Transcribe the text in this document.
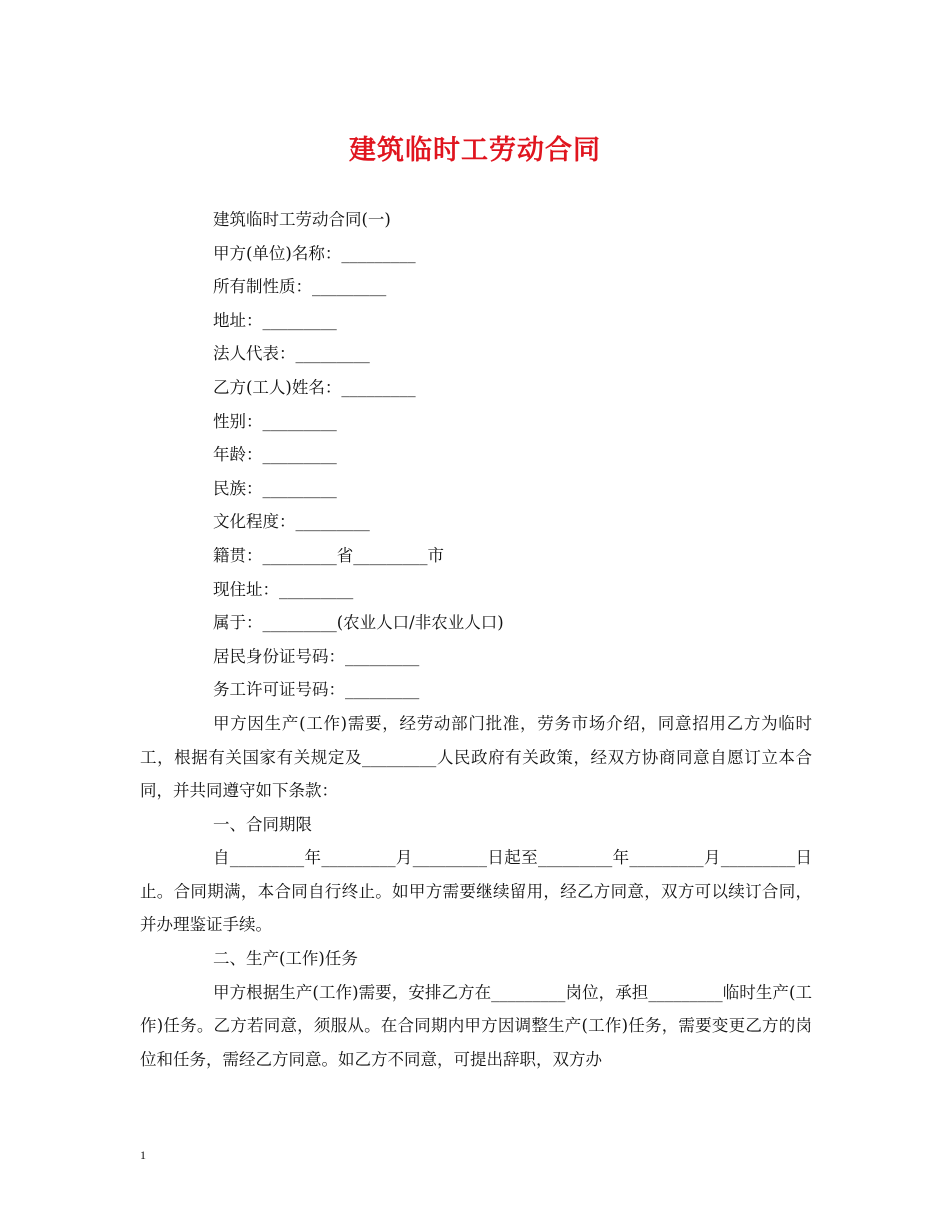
建筑临时工劳动合同

建筑临时工劳动合同(一)

甲方(单位)名称：_________

所有制性质：_________

地址：_________

法人代表：_________

乙方(工人)姓名：_________

性别：_________

年龄：_________

民族：_________

文化程度：_________

籍贯：_________省_________市

现住址：_________

属于：_________(农业人口/非农业人口)

居民身份证号码：_________

务工许可证号码：_________

甲方因生产(工作)需要，经劳动部门批准，劳务市场介绍，同意招用乙方为临时工，根据有关国家有关规定及_________人民政府有关政策，经双方协商同意自愿订立本合同，并共同遵守如下条款：

一、合同期限

自_________年_________月_________日起至_________年_________月_________日止。合同期满，本合同自行终止。如甲方需要继续留用，经乙方同意，双方可以续订合同，并办理鉴证手续。

二、生产(工作)任务

甲方根据生产(工作)需要，安排乙方在_________岗位，承担_________临时生产(工作)任务。乙方若同意，须服从。在合同期内甲方因调整生产(工作)任务，需要变更乙方的岗位和任务，需经乙方同意。如乙方不同意，可提出辞职，双方办

1
